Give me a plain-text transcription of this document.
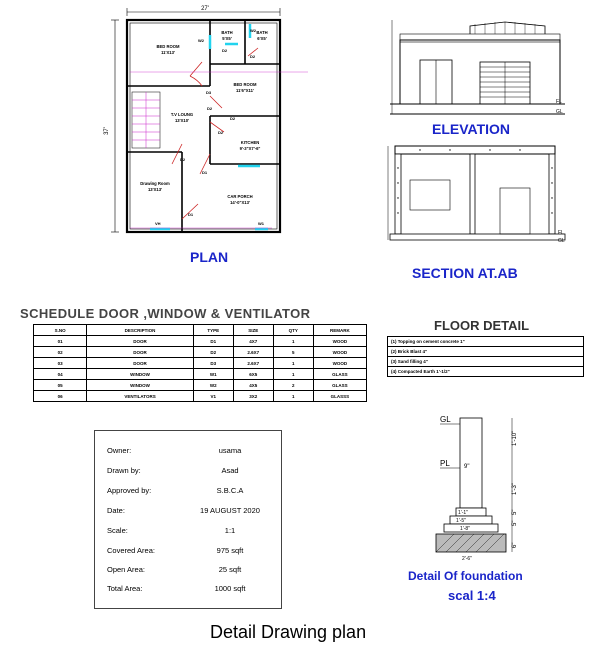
27'
37'
BED ROOM
11'X13'
BATH
5'X5'
BATH
6'X5'
BED ROOM
11'6"X11'
T.V LOUNG
13'X10'
KITCHEN
9'-3"X7'-6"
Drawing Room
13'X13'
CAR PORCH
14'-0"X13'
W2
W2
D2
D2
D3
D2
D2
D2
D2
D1
D1
VH	W1
PLAN
FL
GL
ELEVATION
FL
GL
SECTION AT.AB
SCHEDULE DOOR ,WINDOW & VENTILATOR
S.NO	DESCRIPTION	TYPE	SIZE	QTY	REMARK
01	DOOR	D1	4X7	1	WOOD
02	DOOR	D2	2.6X7	5	WOOD
03	DOOR	D3	2.6X7	1	WOOD
04	WINDOW	W1	6X5	1	GLASS
05	WINDOW	W2	4X5	2	GLASS
06	VENTILATORS	V1	3X2	1	GLASSS
FLOOR DETAIL
(1) Topping on cement concrete 1"
(2) Brick Blast 4"
(3) Sand filling 4"
(4) Compacted Earth 1'-1/2"
Owner:	usama
Drawn by:	Asad
Approved by:	S.B.C.A
Date:	19 AUGUST 2020
Scale:	1:1
Covered Area:	975 sqft
Open Area:	25 sqft
Total Area:	1000 sqft
GL
PL 9"
1'-10"
1'-3"
5"
5"
6"
1'-1"
1'-5"
1'-8"
2'-6"
Detail Of foundation
scal 1:4
Detail Drawing plan
